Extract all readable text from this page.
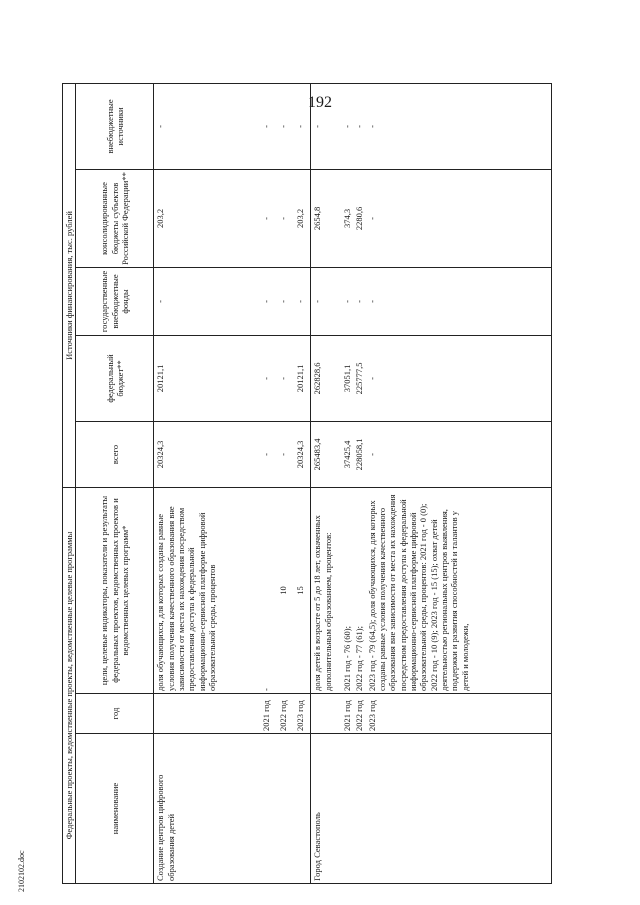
192
2102102.doc
Федеральные проекты, ведомственные проекты, ведомственные целевые программы			Источники финансирования, тыс. рублей				
наименование	год	цели, целевые индикаторы, показатели и результаты федеральных проектов, ведомственных проектов и ведомственных целевых программ*	всего	федеральный бюджет**	государственные внебюджетные фонды	консолидированные бюджеты субъектов Российской Федерации**	внебюджетные источники
Создание центров цифрового образования детей		доля обучающихся, для которых созданы равные условия получения качественного образования вне зависимости от места их нахождения посредством предоставления доступа к федеральной информационно-сервисной платформе цифровой образовательной среды, процентов	20324,3	20121,1	-	203,2	-
	2021 год	-	-	-	-	-	-
	2022 год	10	-	-	-	-	-
	2023 год	15	20324,3	20121,1	-	203,2	-
Город Севастополь		доля детей в возрасте от 5 до 18 лет, охваченных дополнительным образованием, процентов:	265483,4	262828,6	-	2654,8	-
	2021 год	2021 год - 76 (60);	37425,4	37051,1	-	374,3	-
	2022 год	2022 год - 77 (61);	228058,1	225777,5	-	2280,6	-
	2023 год	2023 год - 79 (64,5); доля обучающихся, для которых созданы равные условия получения качественного образования вне зависимости от места их нахождения посредством предоставления доступа к федеральной информационно-сервисной платформе цифровой образовательной среды, процентов: 2021 год - 0 (0); 2022 год - 10 (9); 2023 год - 15 (15); охват детей деятельностью региональных центров выявления, поддержки и развития способностей и талантов у детей и молодежи,	-	-	-	-	-
